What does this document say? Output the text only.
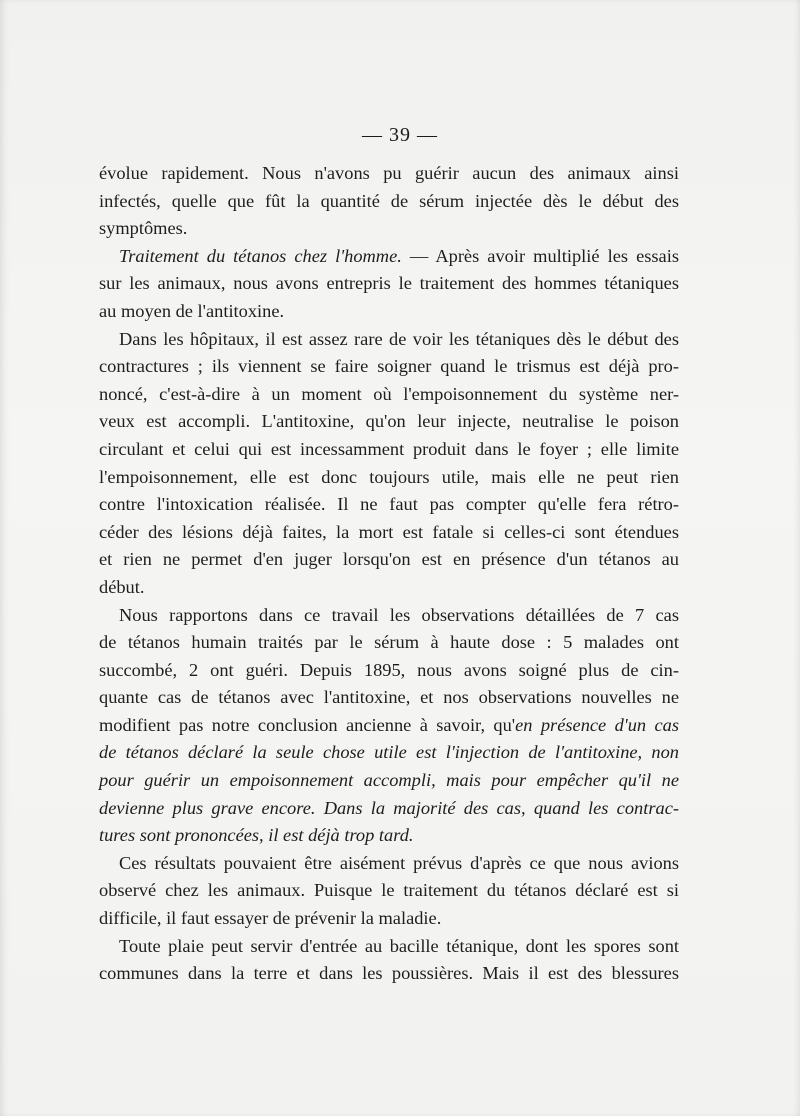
— 39 —
évolue rapidement. Nous n'avons pu guérir aucun des animaux ainsi
infectés, quelle que fût la quantité de sérum injectée dès le début des
symptômes.
Traitement du tétanos chez l'homme. — Après avoir multiplié les essais
sur les animaux, nous avons entrepris le traitement des hommes tétaniques
au moyen de l'antitoxine.
Dans les hôpitaux, il est assez rare de voir les tétaniques dès le début des
contractures ; ils viennent se faire soigner quand le trismus est déjà pro-
noncé, c'est-à-dire à un moment où l'empoisonnement du système ner-
veux est accompli. L'antitoxine, qu'on leur injecte, neutralise le poison
circulant et celui qui est incessamment produit dans le foyer ; elle limite
l'empoisonnement, elle est donc toujours utile, mais elle ne peut rien
contre l'intoxication réalisée. Il ne faut pas compter qu'elle fera rétro-
céder des lésions déjà faites, la mort est fatale si celles-ci sont étendues
et rien ne permet d'en juger lorsqu'on est en présence d'un tétanos au
début.
Nous rapportons dans ce travail les observations détaillées de 7 cas
de tétanos humain traités par le sérum à haute dose : 5 malades ont
succombé, 2 ont guéri. Depuis 1895, nous avons soigné plus de cin-
quante cas de tétanos avec l'antitoxine, et nos observations nouvelles ne
modifient pas notre conclusion ancienne à savoir, qu'en présence d'un cas
de tétanos déclaré la seule chose utile est l'injection de l'antitoxine, non
pour guérir un empoisonnement accompli, mais pour empêcher qu'il ne
devienne plus grave encore. Dans la majorité des cas, quand les contrac-
tures sont prononcées, il est déjà trop tard.
Ces résultats pouvaient être aisément prévus d'après ce que nous avions
observé chez les animaux. Puisque le traitement du tétanos déclaré est si
difficile, il faut essayer de prévenir la maladie.
Toute plaie peut servir d'entrée au bacille tétanique, dont les spores sont
communes dans la terre et dans les poussières. Mais il est des blessures
